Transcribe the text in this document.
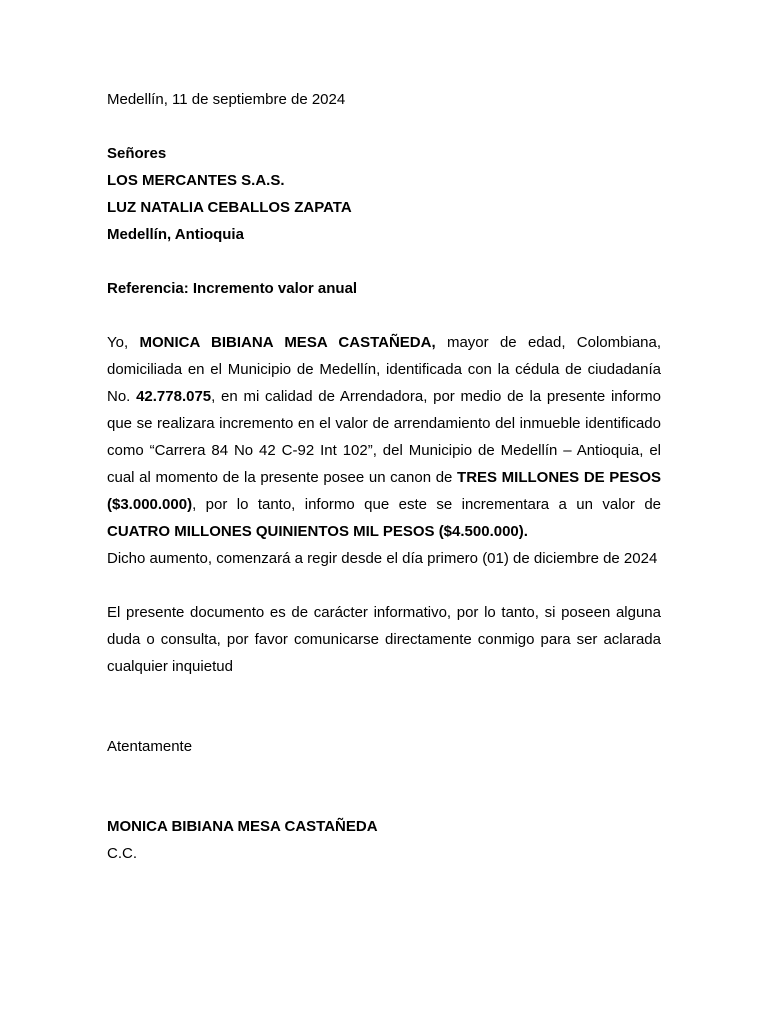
Medellín, 11 de septiembre de 2024
Señores
LOS MERCANTES S.A.S.
LUZ NATALIA CEBALLOS ZAPATA
Medellín, Antioquia
Referencia: Incremento valor anual

Yo, MONICA BIBIANA MESA CASTAÑEDA, mayor de edad, Colombiana, domiciliada en el Municipio de Medellín, identificada con la cédula de ciudadanía No. 42.778.075, en mi calidad de Arrendadora, por medio de la presente informo que se realizara incremento en el valor de arrendamiento del inmueble identificado como “Carrera 84 No 42 C-92 Int 102”, del Municipio de Medellín – Antioquia, el cual al momento de la presente posee un canon de TRES MILLONES DE PESOS ($3.000.000), por lo tanto, informo que este se incrementara a un valor de CUATRO MILLONES QUINIENTOS MIL PESOS ($4.500.000).

Dicho aumento, comenzará a regir desde el día primero (01) de diciembre de 2024

El presente documento es de carácter informativo, por lo tanto, si poseen alguna duda o consulta, por favor comunicarse directamente conmigo para ser aclarada cualquier inquietud

Atentamente
MONICA BIBIANA MESA CASTAÑEDA
C.C.
